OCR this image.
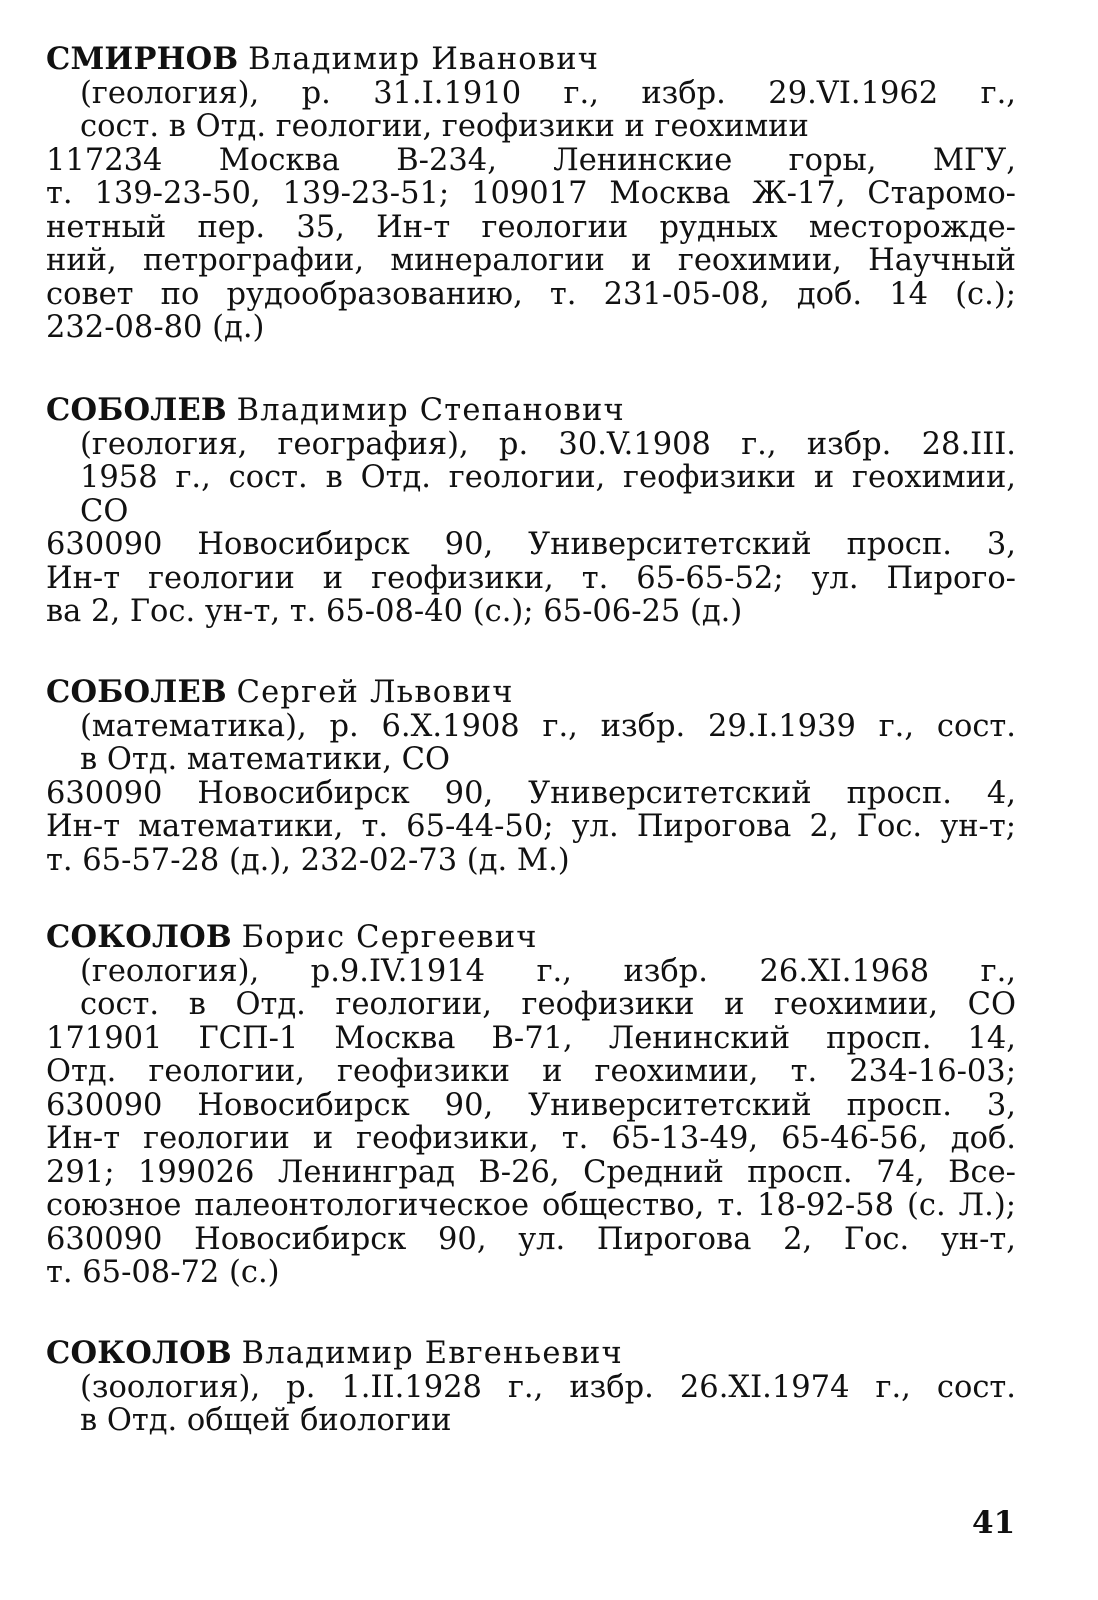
СМИРНОВ Владимир Иванович
(геология), р. 31.I.1910 г., избр. 29.VI.1962 г.,
сост. в Отд. геологии, геофизики и геохимии
117234 Москва В-234, Ленинские горы, МГУ,
т. 139-23-50, 139-23-51; 109017 Москва Ж-17, Старомо-
нетный пер. 35, Ин-т геологии рудных месторожде-
ний, петрографии, минералогии и геохимии, Научный
совет по рудообразованию, т. 231-05-08, доб. 14 (с.);
232-08-80 (д.)
СОБОЛЕВ Владимир Степанович
(геология, география), р. 30.V.1908 г., избр. 28.III.
1958 г., сост. в Отд. геологии, геофизики и геохимии,
СО
630090 Новосибирск 90, Университетский просп. 3,
Ин-т геологии и геофизики, т. 65-65-52; ул. Пирого-
ва 2, Гос. ун-т, т. 65-08-40 (с.); 65-06-25 (д.)
СОБОЛЕВ Сергей Львович
(математика), р. 6.X.1908 г., избр. 29.I.1939 г., сост.
в Отд. математики, СО
630090 Новосибирск 90, Университетский просп. 4,
Ин-т математики, т. 65-44-50; ул. Пирогова 2, Гос. ун-т;
т. 65-57-28 (д.), 232-02-73 (д. М.)
СОКОЛОВ Борис Сергеевич
(геология), р.9.IV.1914 г., избр. 26.XI.1968 г.,
сост. в Отд. геологии, геофизики и геохимии, СО
171901 ГСП-1 Москва В-71, Ленинский просп. 14,
Отд. геологии, геофизики и геохимии, т. 234-16-03;
630090 Новосибирск 90, Университетский просп. 3,
Ин-т геологии и геофизики, т. 65-13-49, 65-46-56, доб.
291; 199026 Ленинград В-26, Средний просп. 74, Все-
союзное палеонтологическое общество, т. 18-92-58 (с. Л.);
630090 Новосибирск 90, ул. Пирогова 2, Гос. ун-т,
т. 65-08-72 (с.)
СОКОЛОВ Владимир Евгеньевич
(зоология), р. 1.II.1928 г., избр. 26.XI.1974 г., сост.
в Отд. общей биологии
41
